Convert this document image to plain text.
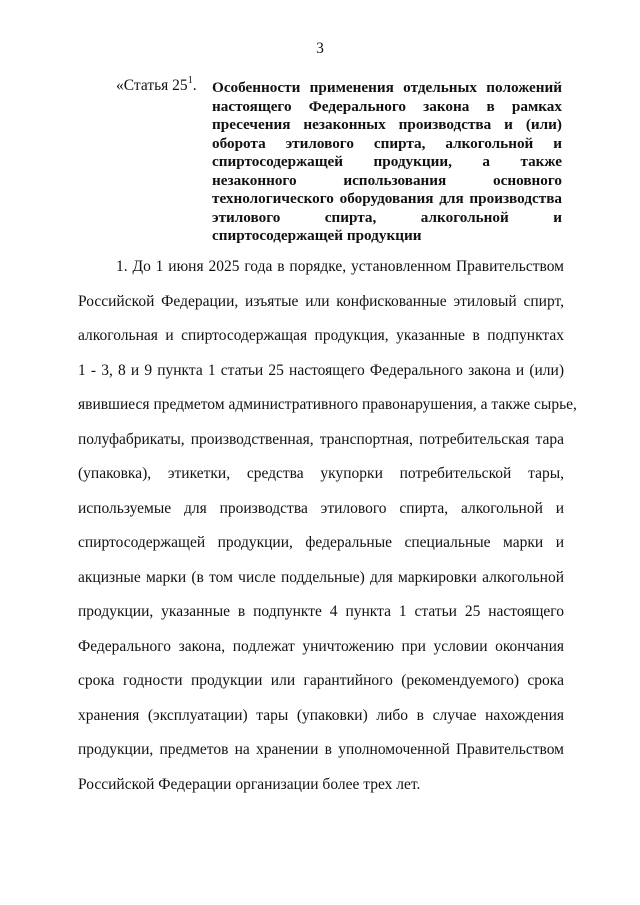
3
«Статья $25^1$. Особенности применения отдельных положений
настоящего Федерального закона в рамках
пресечения незаконных производства и (или)
оборота этилового спирта, алкогольной и
спиртосодержащей продукции, а также
незаконного использования основного
технологического оборудования для производства
этилового спирта, алкогольной и
спиртосодержащей продукции
1. До 1 июня 2025 года в порядке, установленном Правительством
Российской Федерации, изъятые или конфискованные этиловый спирт,
алкогольная и спиртосодержащая продукция, указанные в подпунктах
1 - 3, 8 и 9 пункта 1 статьи 25 настоящего Федерального закона и (или)
явившиеся предметом административного правонарушения, а также сырье,
полуфабрикаты, производственная, транспортная, потребительская тара
(упаковка), этикетки, средства укупорки потребительской тары,
используемые для производства этилового спирта, алкогольной и
спиртосодержащей продукции, федеральные специальные марки и
акцизные марки (в том числе поддельные) для маркировки алкогольной
продукции, указанные в подпункте 4 пункта 1 статьи 25 настоящего
Федерального закона, подлежат уничтожению при условии окончания
срока годности продукции или гарантийного (рекомендуемого) срока
хранения (эксплуатации) тары (упаковки) либо в случае нахождения
продукции, предметов на хранении в уполномоченной Правительством
Российской Федерации организации более трех лет.
